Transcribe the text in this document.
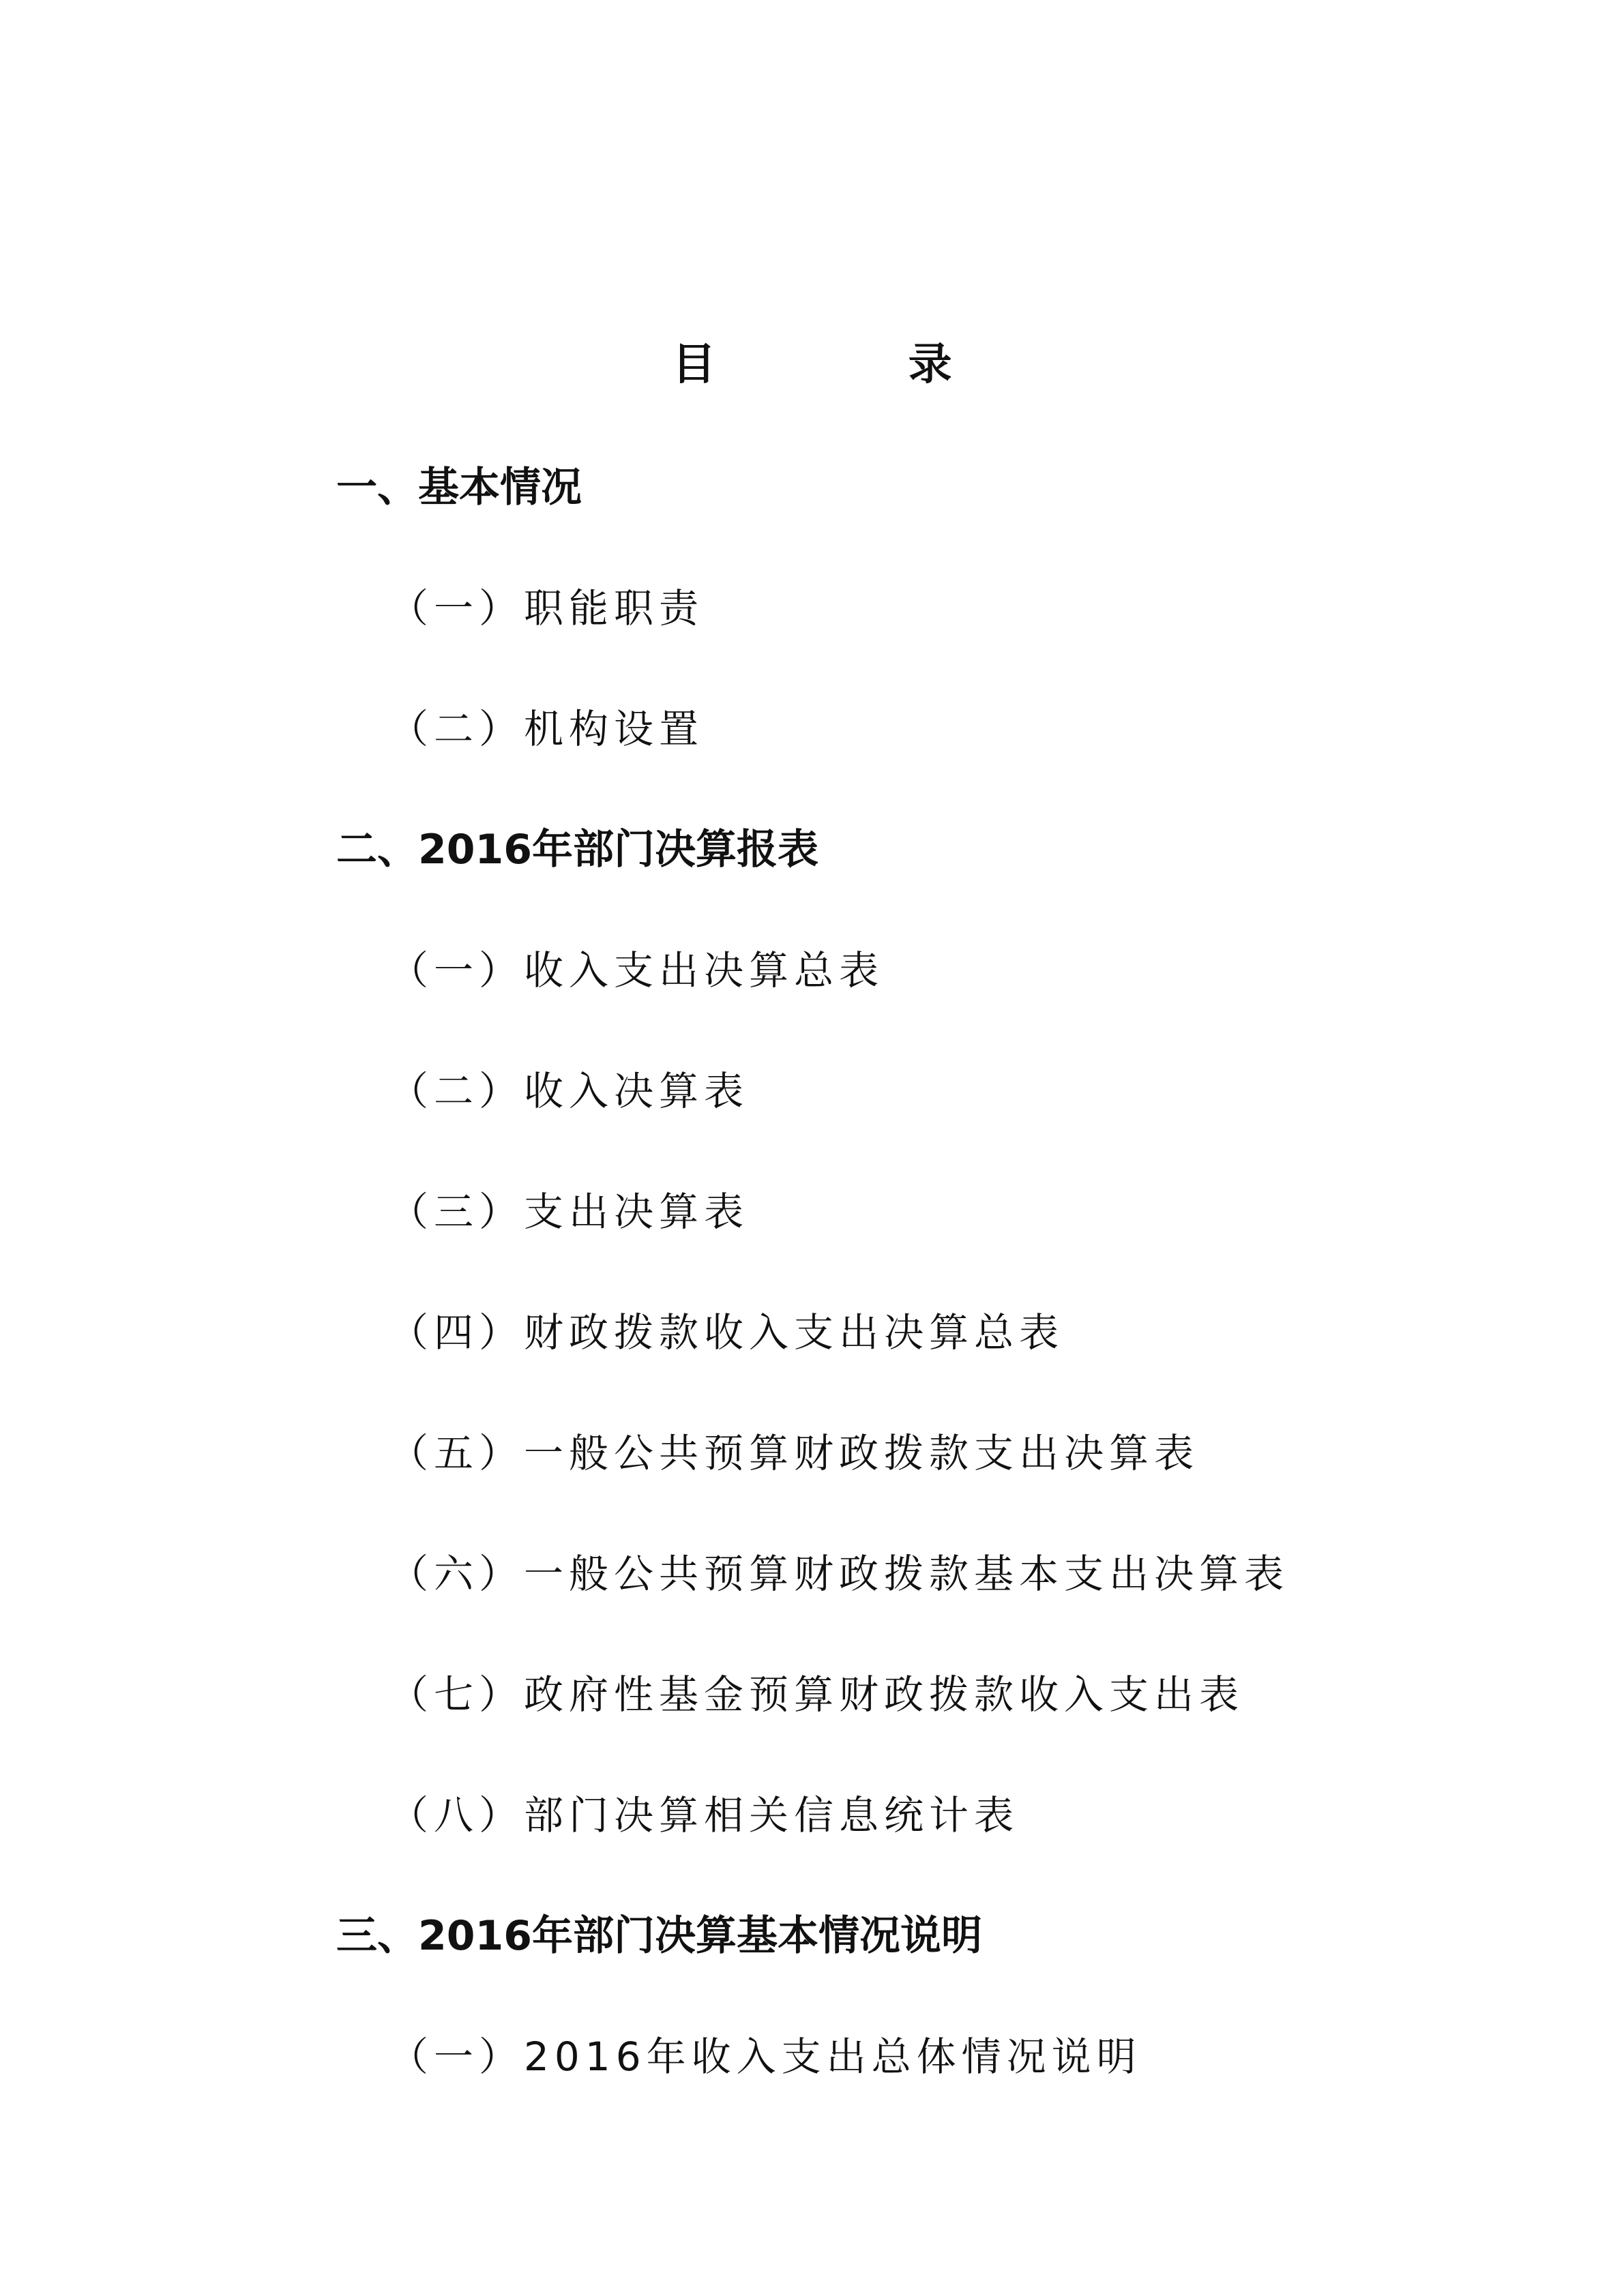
目 录
一、基本情况
（一）职能职责
（二）机构设置
二、2016年部门决算报表
（一）收入支出决算总表
（二）收入决算表
（三）支出决算表
（四）财政拨款收入支出决算总表
（五）一般公共预算财政拨款支出决算表
（六）一般公共预算财政拨款基本支出决算表
（七）政府性基金预算财政拨款收入支出表
（八）部门决算相关信息统计表
三、2016年部门决算基本情况说明
（一）2016年收入支出总体情况说明
